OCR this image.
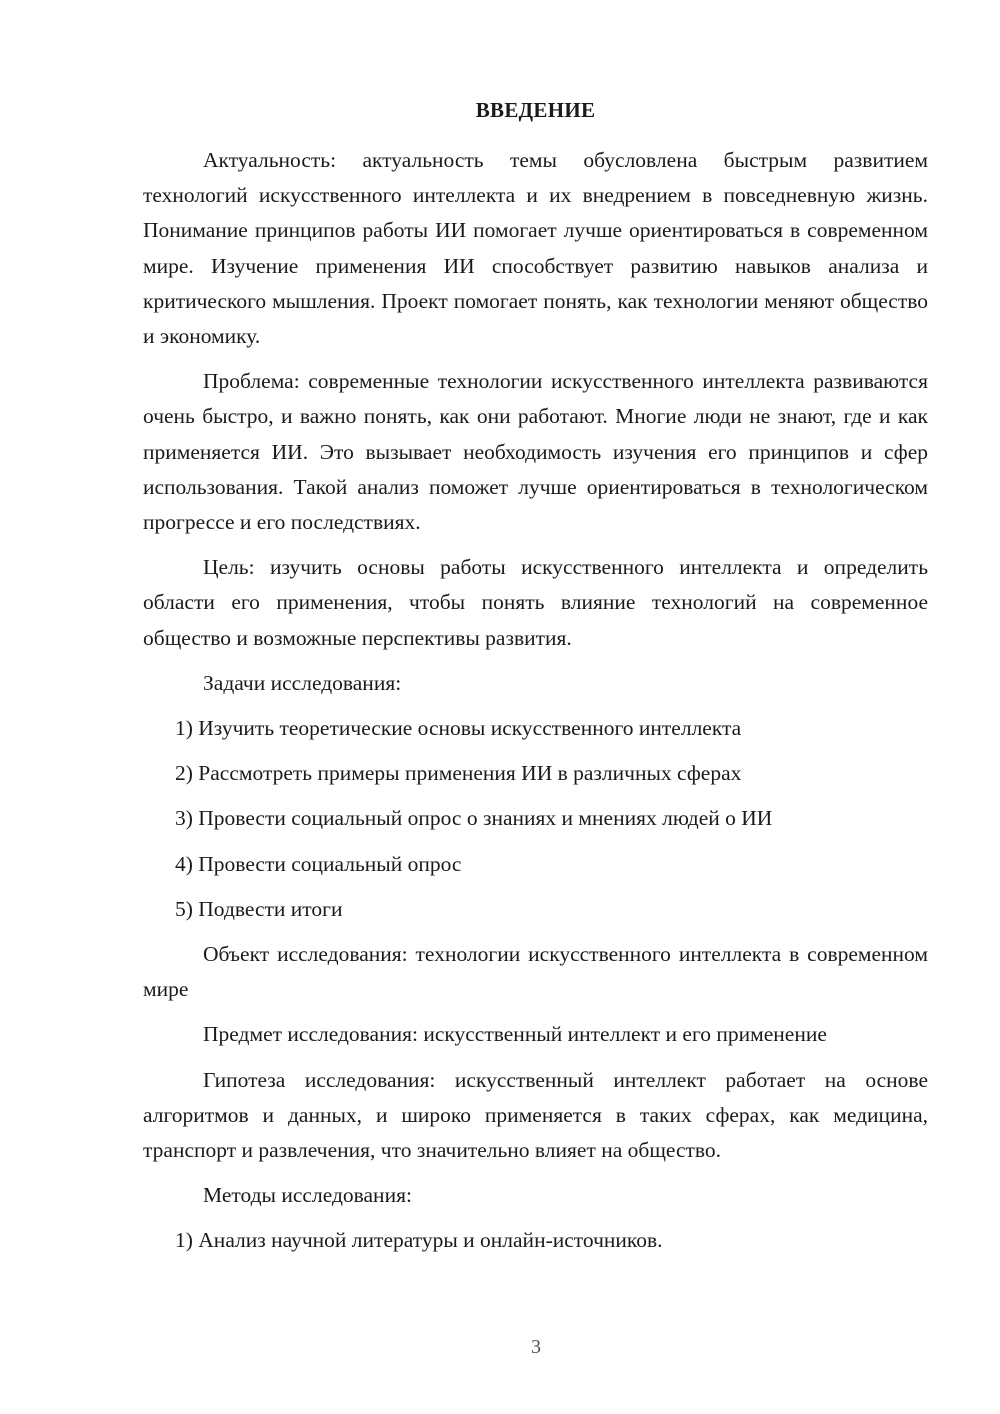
ВВЕДЕНИЕ

Актуальность: актуальность темы обусловлена быстрым развитием технологий искусственного интеллекта и их внедрением в повседневную жизнь. Понимание принципов работы ИИ помогает лучше ориентироваться в современном мире. Изучение применения ИИ способствует развитию навыков анализа и критического мышления. Проект помогает понять, как технологии меняют общество и экономику.

Проблема: современные технологии искусственного интеллекта развиваются очень быстро, и важно понять, как они работают. Многие люди не знают, где и как применяется ИИ. Это вызывает необходимость изучения его принципов и сфер использования. Такой анализ поможет лучше ориентироваться в технологическом прогрессе и его последствиях.

Цель: изучить основы работы искусственного интеллекта и определить области его применения, чтобы понять влияние технологий на современное общество и возможные перспективы развития.

Задачи исследования:

1) Изучить теоретические основы искусственного интеллекта

2) Рассмотреть примеры применения ИИ в различных сферах

3) Провести социальный опрос о знаниях и мнениях людей о ИИ

4) Провести социальный опрос

5) Подвести итоги

Объект исследования: технологии искусственного интеллекта в современном мире

Предмет исследования: искусственный интеллект и его применение

Гипотеза исследования: искусственный интеллект работает на основе алгоритмов и данных, и широко применяется в таких сферах, как медицина, транспорт и развлечения, что значительно влияет на общество.

Методы исследования:

1) Анализ научной литературы и онлайн-источников.

3
